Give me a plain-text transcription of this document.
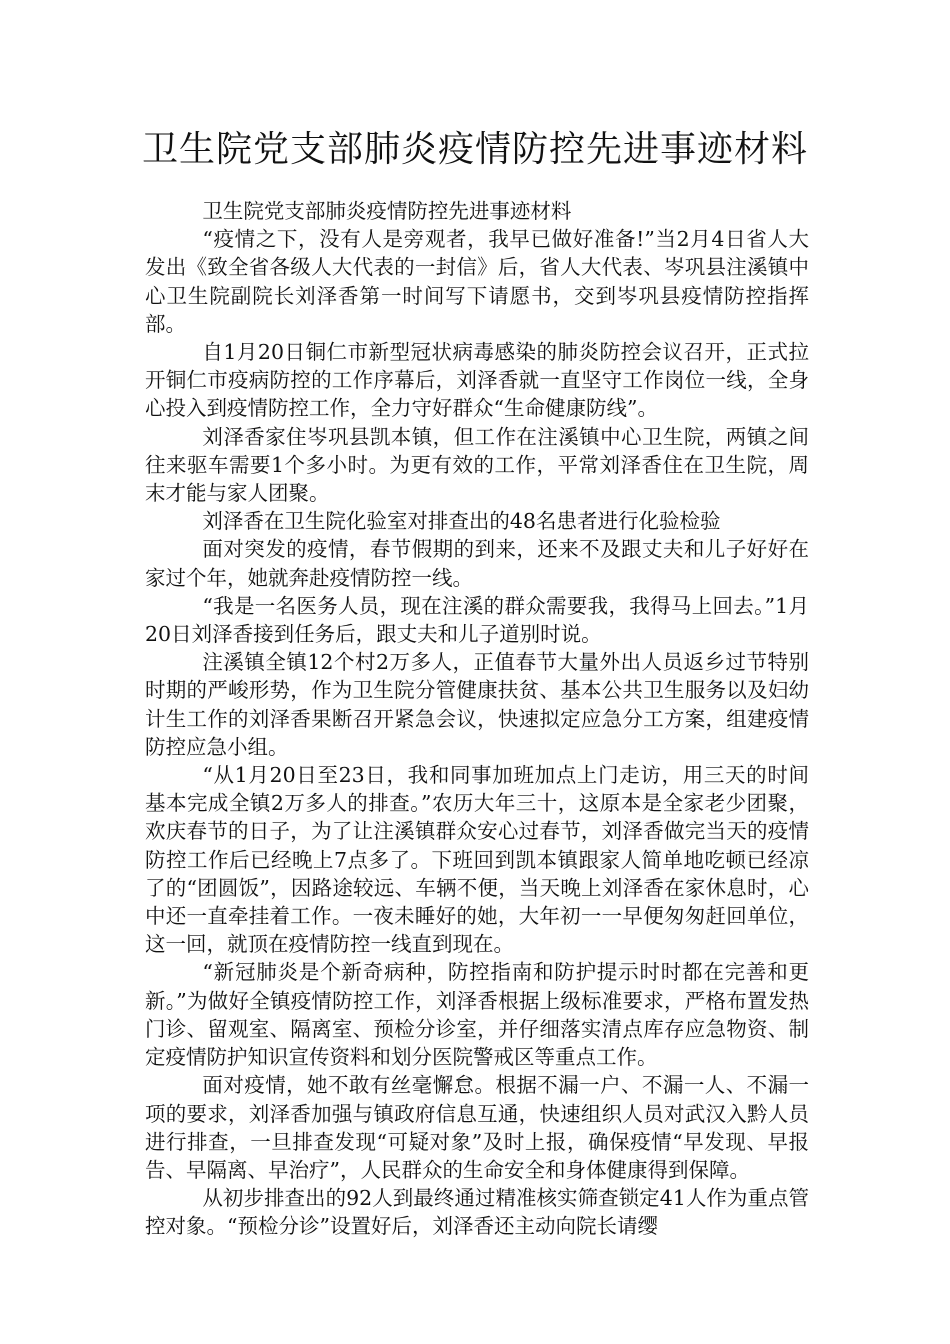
卫生院党支部肺炎疫情防控先进事迹材料

卫生院党支部肺炎疫情防控先进事迹材料

“疫情之下，没有人是旁观者，我早已做好准备!”当2月4日省人大发出《致全省各级人大代表的一封信》后，省人大代表、岑巩县注溪镇中心卫生院副院长刘泽香第一时间写下请愿书，交到岑巩县疫情防控指挥部。

自1月20日铜仁市新型冠状病毒感染的肺炎防控会议召开，正式拉开铜仁市疫病防控的工作序幕后，刘泽香就一直坚守工作岗位一线，全身心投入到疫情防控工作，全力守好群众“生命健康防线”。

刘泽香家住岑巩县凯本镇，但工作在注溪镇中心卫生院，两镇之间往来驱车需要1个多小时。为更有效的工作，平常刘泽香住在卫生院，周末才能与家人团聚。

刘泽香在卫生院化验室对排查出的48名患者进行化验检验

面对突发的疫情，春节假期的到来，还来不及跟丈夫和儿子好好在家过个年，她就奔赴疫情防控一线。

“我是一名医务人员，现在注溪的群众需要我，我得马上回去。”1月20日刘泽香接到任务后，跟丈夫和儿子道别时说。

注溪镇全镇12个村2万多人，正值春节大量外出人员返乡过节特别时期的严峻形势，作为卫生院分管健康扶贫、基本公共卫生服务以及妇幼计生工作的刘泽香果断召开紧急会议，快速拟定应急分工方案，组建疫情防控应急小组。

“从1月20日至23日，我和同事加班加点上门走访，用三天的时间基本完成全镇2万多人的排查。”农历大年三十，这原本是全家老少团聚，欢庆春节的日子，为了让注溪镇群众安心过春节，刘泽香做完当天的疫情防控工作后已经晚上7点多了。下班回到凯本镇跟家人简单地吃顿已经凉了的“团圆饭”，因路途较远、车辆不便，当天晚上刘泽香在家休息时，心中还一直牵挂着工作。一夜未睡好的她，大年初一一早便匆匆赶回单位，这一回，就顶在疫情防控一线直到现在。

“新冠肺炎是个新奇病种，防控指南和防护提示时时都在完善和更新。”为做好全镇疫情防控工作，刘泽香根据上级标准要求，严格布置发热门诊、留观室、隔离室、预检分诊室，并仔细落实清点库存应急物资、制定疫情防护知识宣传资料和划分医院警戒区等重点工作。

面对疫情，她不敢有丝毫懈怠。根据不漏一户、不漏一人、不漏一项的要求，刘泽香加强与镇政府信息互通，快速组织人员对武汉入黔人员进行排查，一旦排查发现“可疑对象”及时上报，确保疫情“早发现、早报告、早隔离、早治疗”，人民群众的生命安全和身体健康得到保障。

从初步排查出的92人到最终通过精准核实筛查锁定41人作为重点管控对象。“预检分诊”设置好后，刘泽香还主动向院长请缨
